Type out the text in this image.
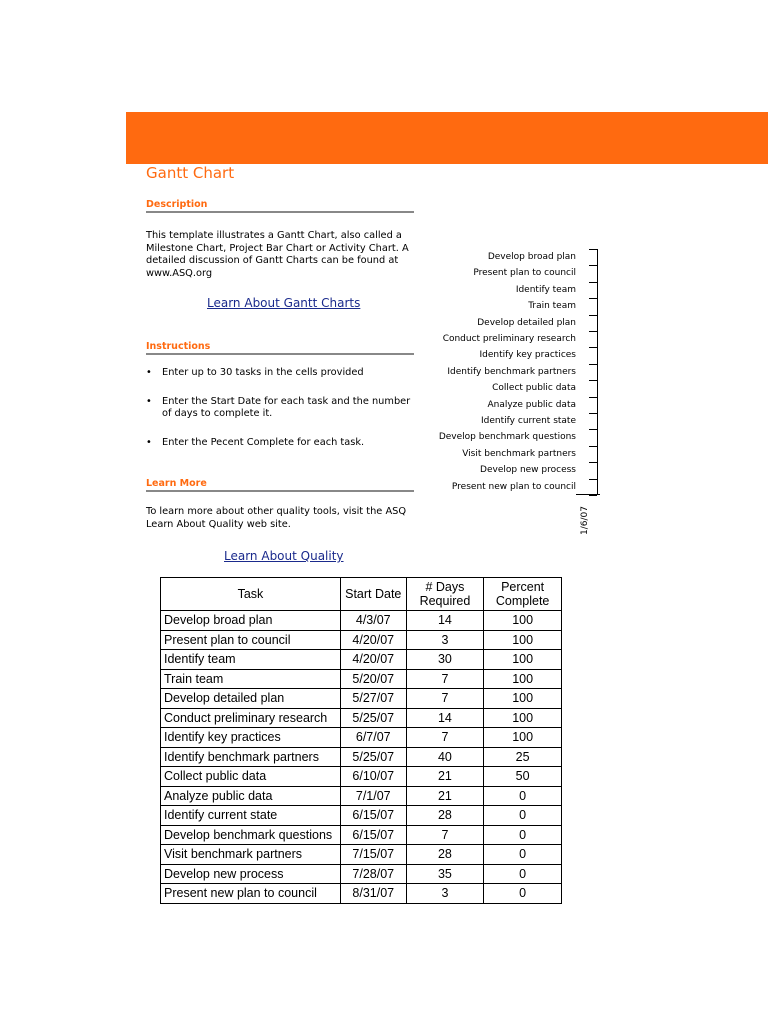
Gantt Chart
Description
This template illustrates a Gantt Chart, also called a Milestone Chart, Project Bar Chart or Activity Chart. A detailed discussion of Gantt Charts can be found at www.ASQ.org
Learn About Gantt Charts
Instructions
• Enter up to 30 tasks in the cells provided
• Enter the Start Date for each task and the number of days to complete it.
• Enter the Pecent Complete for each task.
Learn More
To learn more about other quality tools, visit the ASQ Learn About Quality web site.
Learn About Quality
Develop broad plan
Present plan to council
Identify team
Train team
Develop detailed plan
Conduct preliminary research
Identify key practices
Identify benchmark partners
Collect public data
Analyze public data
Identify current state
Develop benchmark questions
Visit benchmark partners
Develop new process
Present new plan to council
1/6/07
Task	Start Date	# Days Required	Percent Complete
Develop broad plan	4/3/07	14	100
Present plan to council	4/20/07	3	100
Identify team	4/20/07	30	100
Train team	5/20/07	7	100
Develop detailed plan	5/27/07	7	100
Conduct preliminary research	5/25/07	14	100
Identify key practices	6/7/07	7	100
Identify benchmark partners	5/25/07	40	25
Collect public data	6/10/07	21	50
Analyze public data	7/1/07	21	0
Identify current state	6/15/07	28	0
Develop benchmark questions	6/15/07	7	0
Visit benchmark partners	7/15/07	28	0
Develop new process	7/28/07	35	0
Present new plan to council	8/31/07	3	0
